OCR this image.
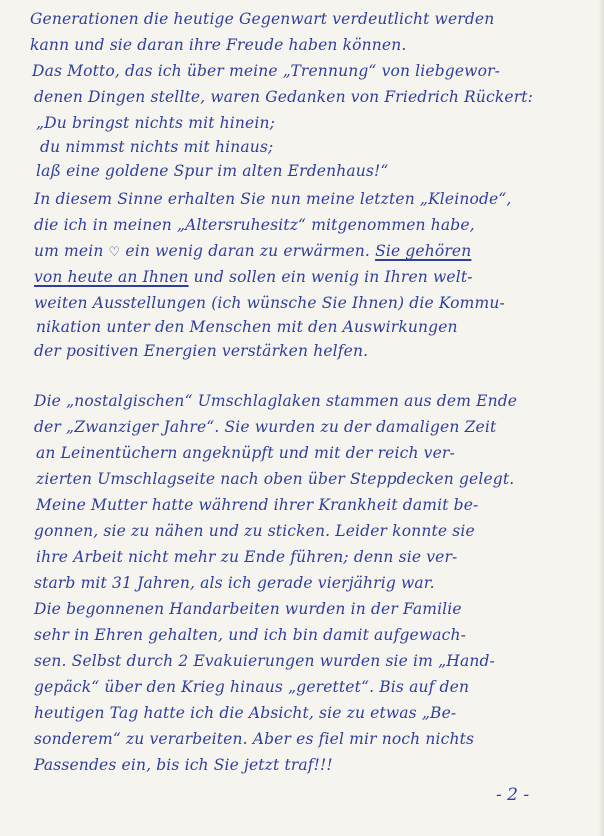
Generationen die heutige Gegenwart verdeutlicht werden
kann und sie daran ihre Freude haben können.
Das Motto, das ich über meine „Trennung“ von liebgewor-
denen Dingen stellte, waren Gedanken von Friedrich Rückert:
„Du bringst nichts mit hinein;
du nimmst nichts mit hinaus;
laß eine goldene Spur im alten Erdenhaus!“
In diesem Sinne erhalten Sie nun meine letzten „Kleinode“,
die ich in meinen „Altersruhesitz“ mitgenommen habe,
um mein ♡ ein wenig daran zu erwärmen. Sie gehören
von heute an Ihnen und sollen ein wenig in Ihren welt-
weiten Ausstellungen (ich wünsche Sie Ihnen) die Kommu-
nikation unter den Menschen mit den Auswirkungen
der positiven Energien verstärken helfen.
Die „nostalgischen“ Umschlaglaken stammen aus dem Ende
der „Zwanziger Jahre“. Sie wurden zu der damaligen Zeit
an Leinentüchern angeknüpft und mit der reich ver-
zierten Umschlagseite nach oben über Steppdecken gelegt.
Meine Mutter hatte während ihrer Krankheit damit be-
gonnen, sie zu nähen und zu sticken. Leider konnte sie
ihre Arbeit nicht mehr zu Ende führen; denn sie ver-
starb mit 31 Jahren, als ich gerade vierjährig war.
Die begonnenen Handarbeiten wurden in der Familie
sehr in Ehren gehalten, und ich bin damit aufgewach-
sen. Selbst durch 2 Evakuierungen wurden sie im „Hand-
gepäck“ über den Krieg hinaus „gerettet“. Bis auf den
heutigen Tag hatte ich die Absicht, sie zu etwas „Be-
sonderem“ zu verarbeiten. Aber es fiel mir noch nichts
Passendes ein, bis ich Sie jetzt traf!!!
- 2 -
